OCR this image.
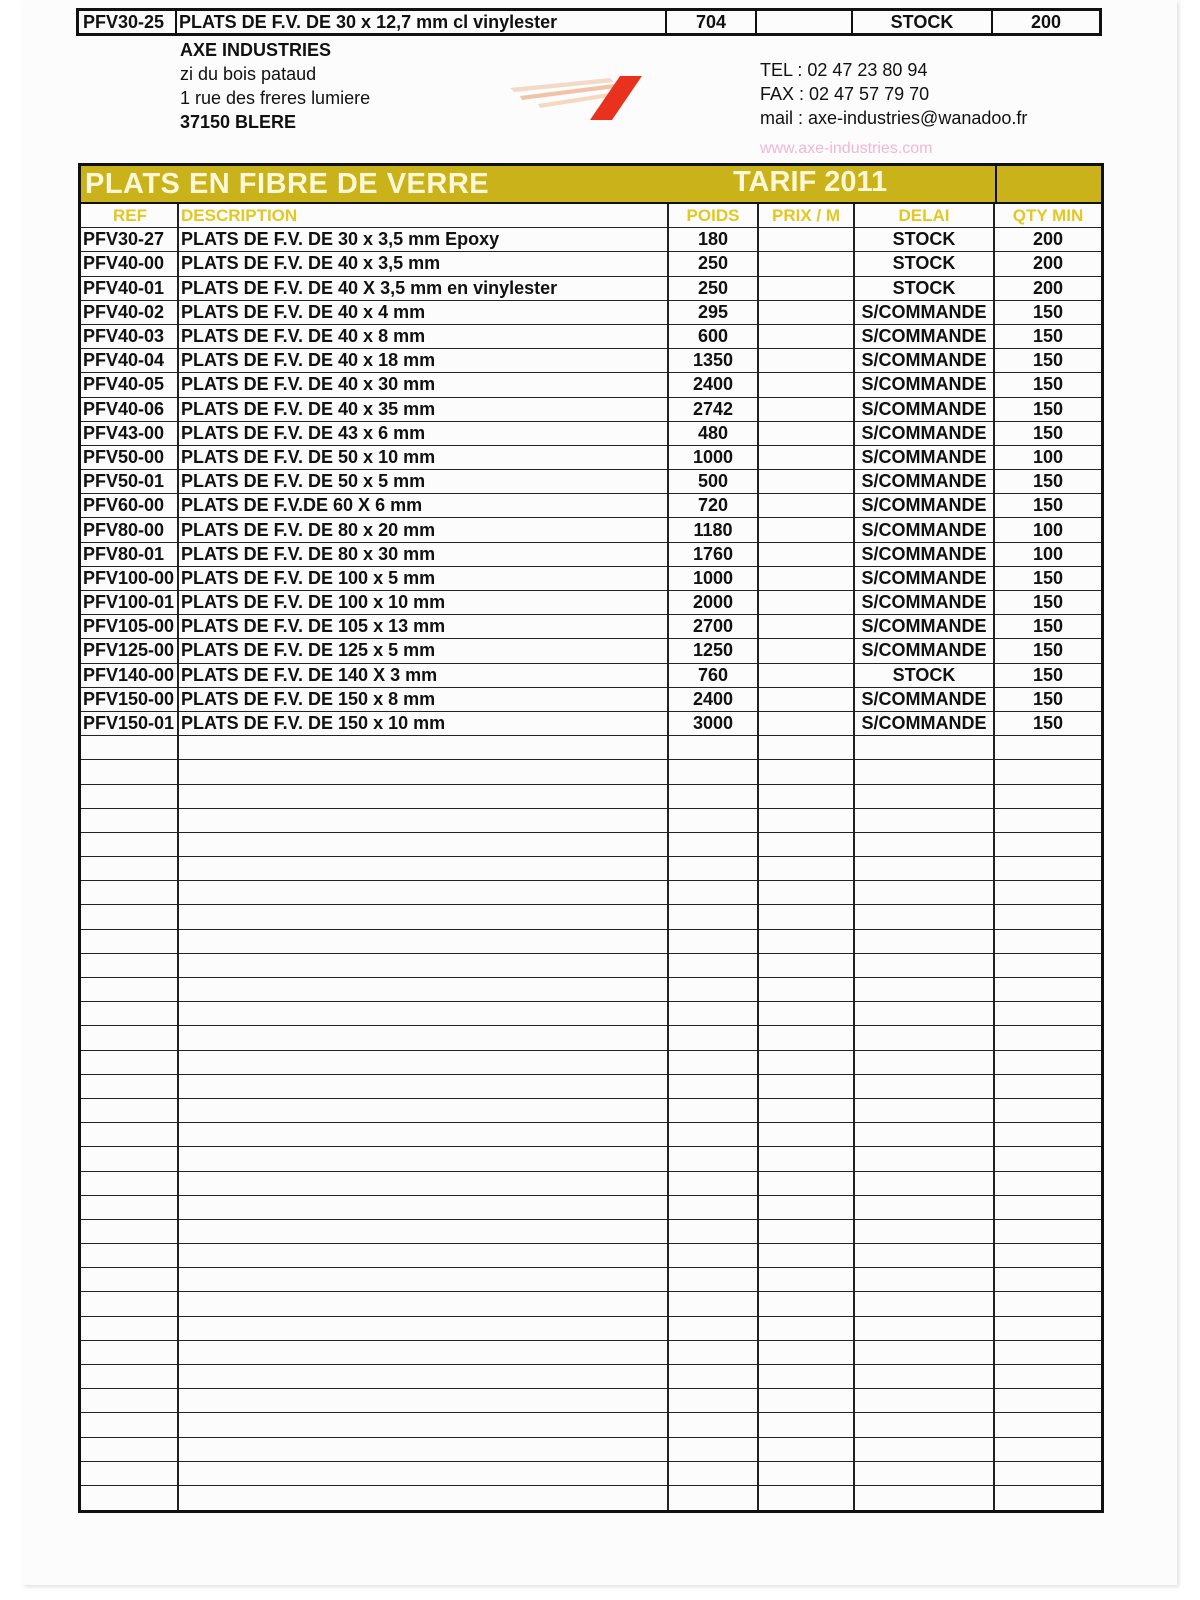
PFV30-25 PLATS DE F.V. DE 30 x 12,7 mm cl vinylester	704	STOCK	200
AXE INDUSTRIES
zi du bois pataud
1 rue des freres lumiere
37150 BLERE
TEL : 02 47 23 80 94
FAX : 02 47 57 79 70
mail : axe-industries@wanadoo.fr
www.axe-industries.com
PLATS EN FIBRE DE VERRE	TARIF 2011
REF	DESCRIPTION	POIDS	PRIX / M	DELAI	QTY MIN
PFV30-27 PLATS DE F.V. DE 30 x 3,5 mm Epoxy	180	STOCK	200
PFV40-00 PLATS DE F.V. DE 40 x 3,5 mm	250	STOCK	200
PFV40-01 PLATS DE F.V. DE 40 X 3,5 mm en vinylester	250	STOCK	200
PFV40-02 PLATS DE F.V. DE 40 x 4 mm	295	S/COMMANDE	150
PFV40-03 PLATS DE F.V. DE 40 x 8 mm	600	S/COMMANDE	150
PFV40-04 PLATS DE F.V. DE 40 x 18 mm	1350	S/COMMANDE	150
PFV40-05 PLATS DE F.V. DE 40 x 30 mm	2400	S/COMMANDE	150
PFV40-06 PLATS DE F.V. DE 40 x 35 mm	2742	S/COMMANDE	150
PFV43-00 PLATS DE F.V. DE 43 x 6 mm	480	S/COMMANDE	150
PFV50-00 PLATS DE F.V. DE 50 x 10 mm	1000	S/COMMANDE	100
PFV50-01 PLATS DE F.V. DE 50 x 5 mm	500	S/COMMANDE	150
PFV60-00 PLATS DE F.V.DE 60 X 6 mm	720	S/COMMANDE	150
PFV80-00 PLATS DE F.V. DE 80 x 20 mm	1180	S/COMMANDE	100
PFV80-01 PLATS DE F.V. DE 80 x 30 mm	1760	S/COMMANDE	100
PFV100-00 PLATS DE F.V. DE 100 x 5 mm	1000	S/COMMANDE	150
PFV100-01 PLATS DE F.V. DE 100 x 10 mm	2000	S/COMMANDE	150
PFV105-00 PLATS DE F.V. DE 105 x 13 mm	2700	S/COMMANDE	150
PFV125-00 PLATS DE F.V. DE 125 x 5 mm	1250	S/COMMANDE	150
PFV140-00 PLATS DE F.V. DE 140 X 3 mm	760	STOCK	150
PFV150-00 PLATS DE F.V. DE 150 x 8 mm	2400	S/COMMANDE	150
PFV150-01 PLATS DE F.V. DE 150 x 10 mm	3000	S/COMMANDE	150
